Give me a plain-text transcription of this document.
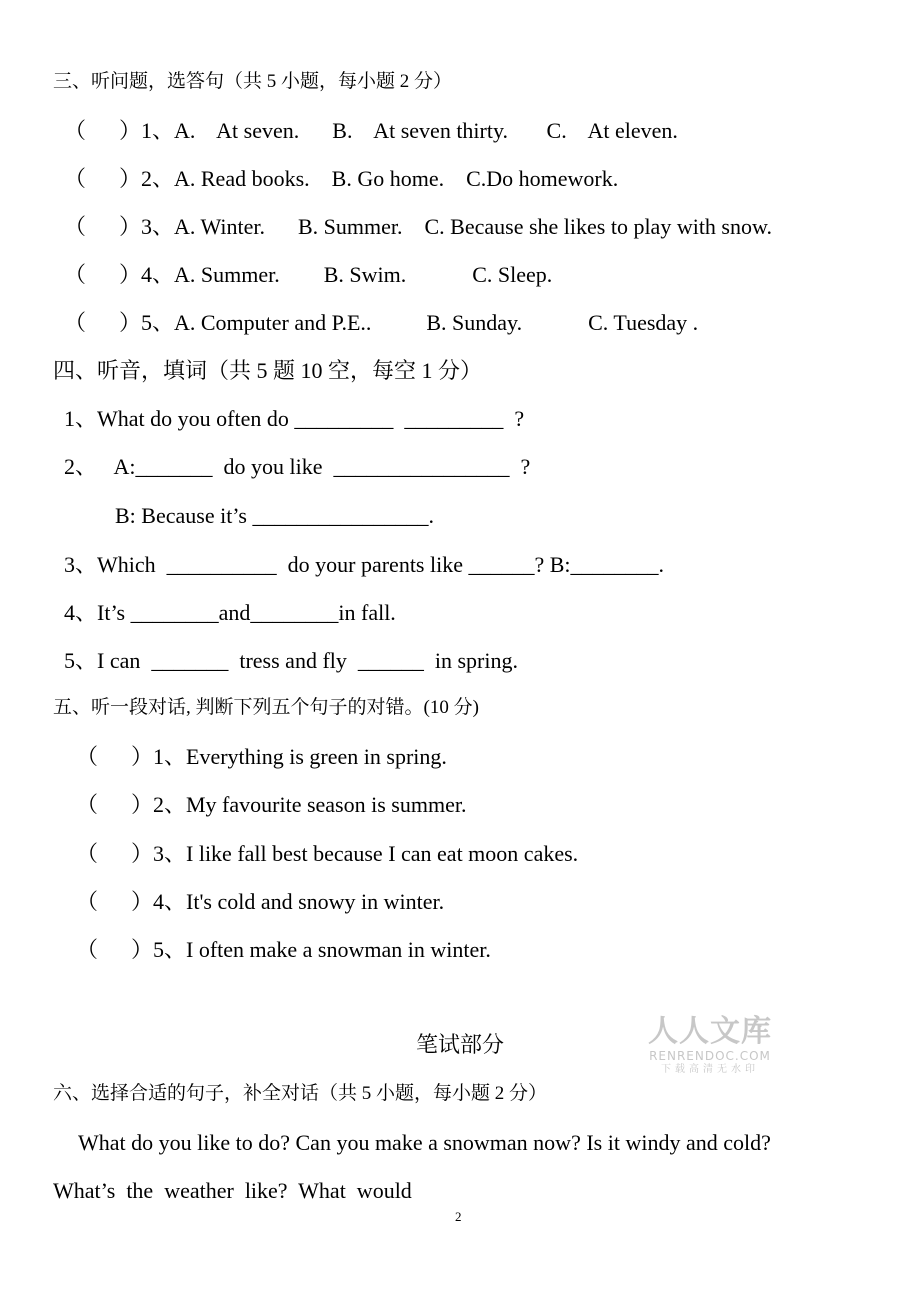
三、听问题，选答句（共 5 小题，每小题 2 分）
（      ）1、A.    At seven.      B.    At seven thirty.       C.    At eleven.
（      ）2、A. Read books.    B. Go home.    C.Do homework.
（      ）3、A. Winter.      B. Summer.    C. Because she likes to play with snow.
（      ）4、A. Summer.        B. Swim.            C. Sleep.
（      ）5、A. Computer and P.E..          B. Sunday.            C. Tuesday .
四、听音，填词（共 5 题 10 空，每空 1 分）
1、What do you often do _________  _________  ?
2、   A:_______  do you like  ________________  ?
B: Because it’s ________________.
3、Which  __________  do your parents like ______? B:________.
4、It’s ________and________in fall.
5、I can  _______  tress and fly  ______  in spring.
五、听一段对话, 判断下列五个句子的对错。(10 分)
（      ）1、Everything is green in spring.
（      ）2、My favourite season is summer.
（      ）3、I like fall best because I can eat moon cakes.
（      ）4、It's cold and snowy in winter.
（      ）5、I often make a snowman in winter.
笔试部分	人人文库
RENRENDOC.COM
下载高清无水印
六、选择合适的句子，补全对话（共 5 小题，每小题 2 分）
What do you like to do? Can you make a snowman now? Is it windy and cold?
What’s  the  weather  like?  What  would
2
